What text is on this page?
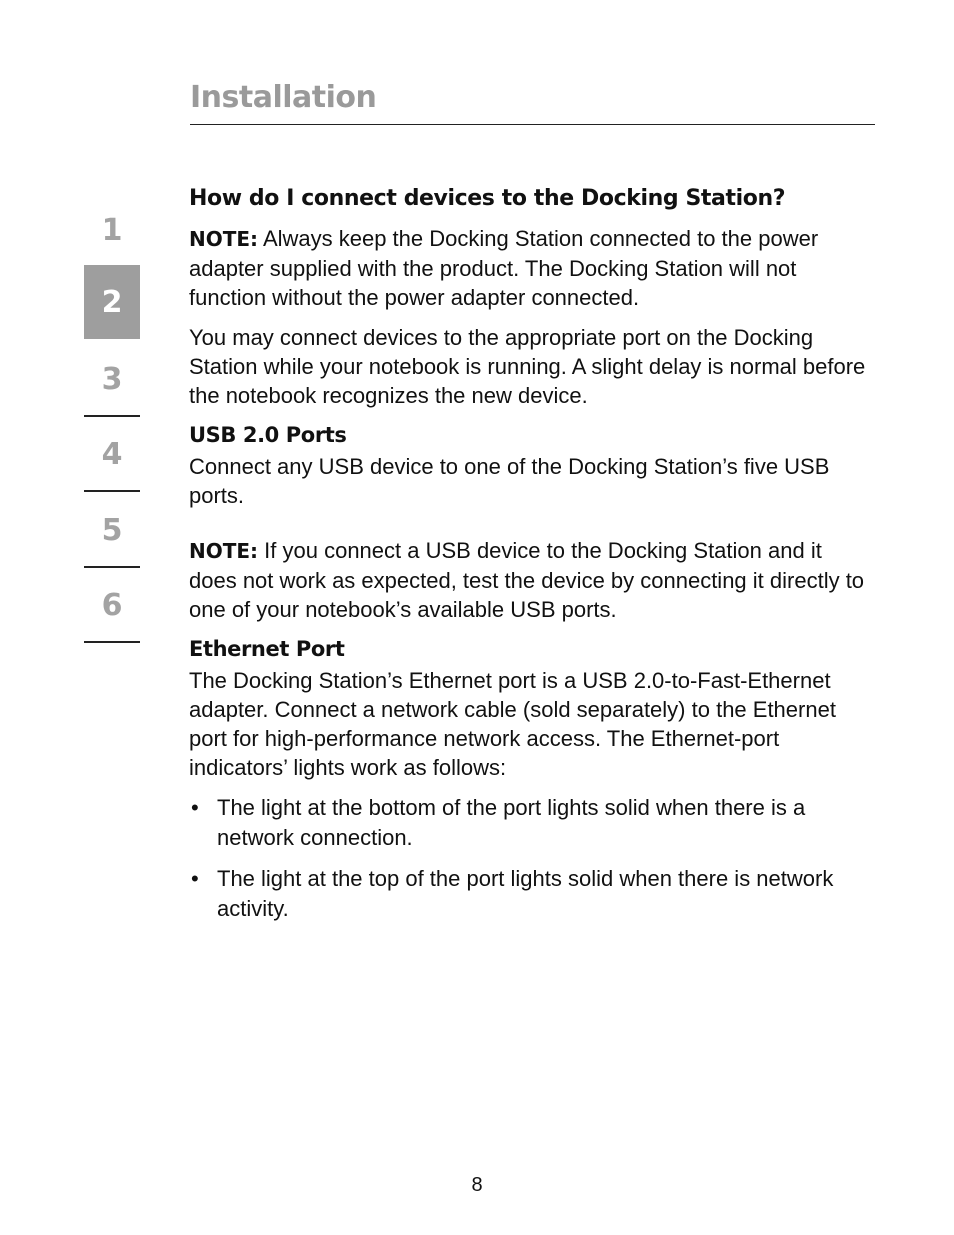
Installation
1
2
3
4
5
6
How do I connect devices to the Docking Station?

NOTE: Always keep the Docking Station connected to the power adapter supplied with the product. The Docking Station will not function without the power adapter connected.

You may connect devices to the appropriate port on the Docking Station while your notebook is running. A slight delay is normal before the notebook recognizes the new device.

USB 2.0 Ports

Connect any USB device to one of the Docking Station’s five USB ports.

NOTE: If you connect a USB device to the Docking Station and it does not work as expected, test the device by connecting it directly to one of your notebook’s available USB ports.

Ethernet Port

The Docking Station’s Ethernet port is a USB 2.0-to-Fast-Ethernet adapter. Connect a network cable (sold separately) to the Ethernet port for high-performance network access. The Ethernet-port indicators’ lights work as follows:

• The light at the bottom of the port lights solid when there is a network connection.
• The light at the top of the port lights solid when there is network activity.
8
